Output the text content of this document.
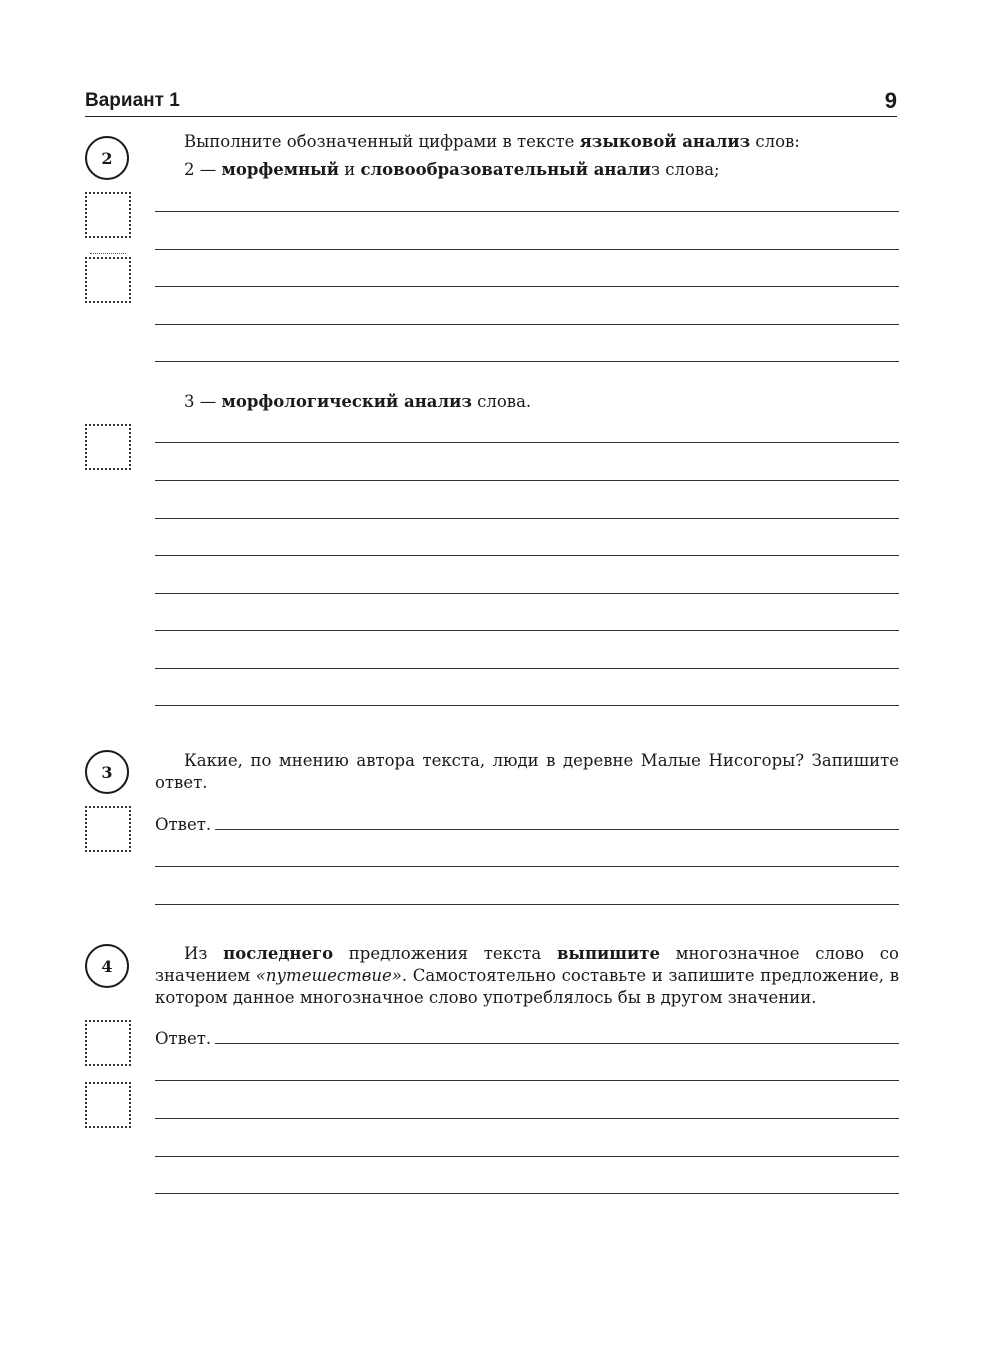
Вариант 1	9
2
Выполните обозначенный цифрами в тексте языковой анализ слов:
2 — морфемный и словообразовательный анализ слова;
3 — морфологический анализ слова.
3
Какие, по мнению автора текста, люди в деревне Малые Нисогоры? Запишите ответ.
Ответ.
4
Из последнего предложения текста выпишите многозначное слово со значением «путешествие». Самостоятельно составьте и запишите предложение, в котором данное многозначное слово употреблялось бы в другом значении.
Ответ.
